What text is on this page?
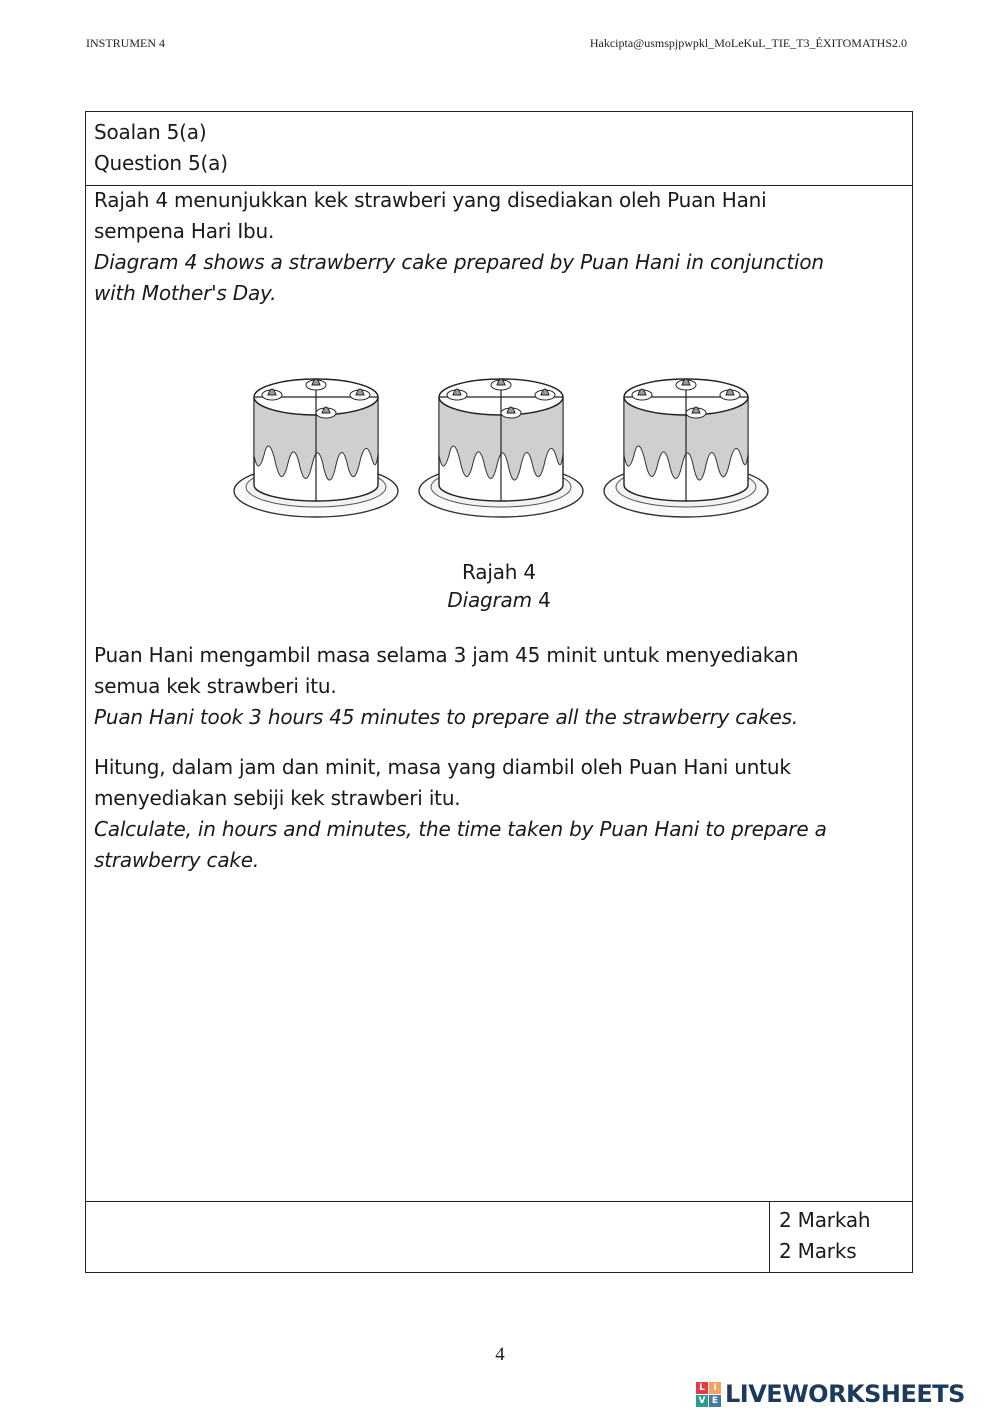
INSTRUMEN 4	Hakcipta@usmspjpwpkl_MoLeKuL_TIE_T3_ÉXITOMATHS2.0
Soalan 5(a)
Question 5(a)
Rajah 4 menunjukkan kek strawberi yang disediakan oleh Puan Hani
sempena Hari Ibu.
Diagram 4 shows a strawberry cake prepared by Puan Hani in conjunction
with Mother's Day.
Rajah 4
Diagram 4
Puan Hani mengambil masa selama 3 jam 45 minit untuk menyediakan
semua kek strawberi itu.
Puan Hani took 3 hours 45 minutes to prepare all the strawberry cakes.
Hitung, dalam jam dan minit, masa yang diambil oleh Puan Hani untuk
menyediakan sebiji kek strawberi itu.
Calculate, in hours and minutes, the time taken by Puan Hani to prepare a
strawberry cake.
2 Markah
2 Marks
4
L I
V E LIVEWORKSHEETS
